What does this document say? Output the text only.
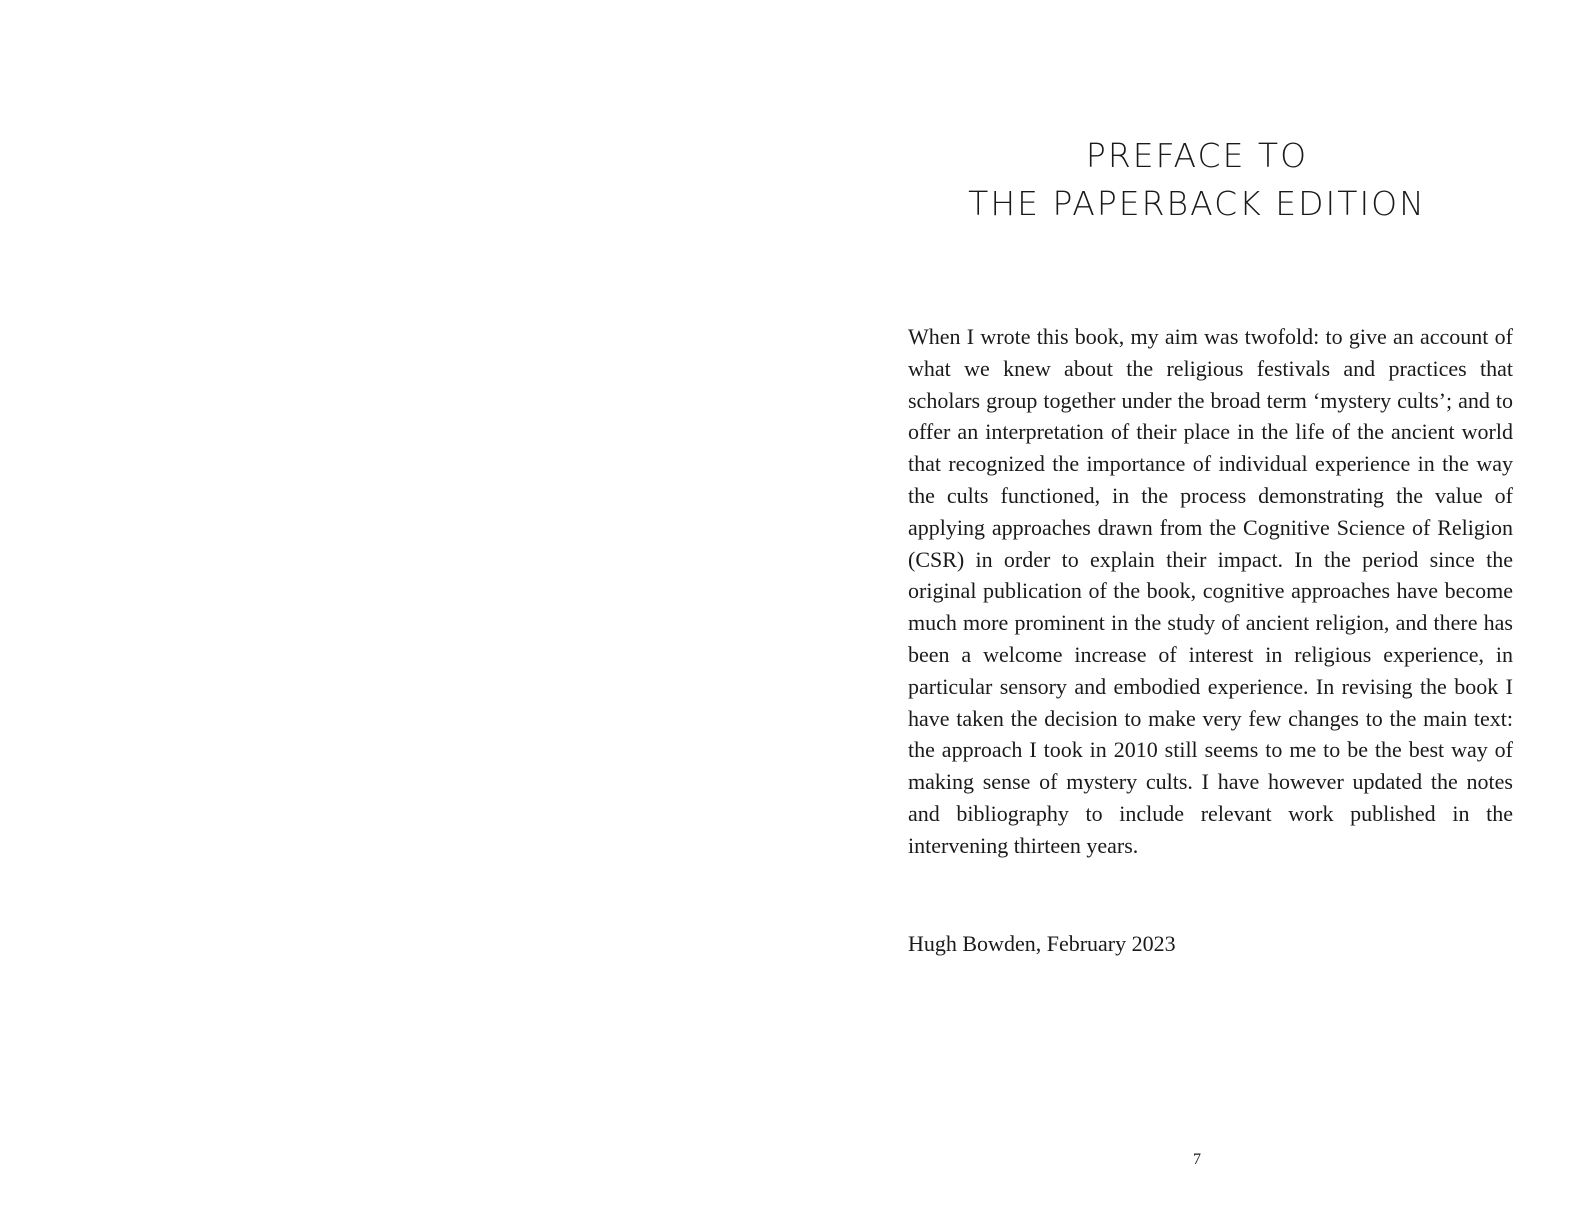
PREFACE TO
THE PAPERBACK EDITION

When I wrote this book, my aim was twofold: to give an account of what we knew about the religious festivals and practices that scholars group together under the broad term ‘mystery cults’; and to offer an interpretation of their place in the life of the ancient world that recognized the importance of individual experience in the way the cults functioned, in the process demonstrating the value of applying approaches drawn from the Cognitive Science of Religion (CSR) in order to explain their impact. In the period since the original publication of the book, cognitive approaches have become much more prominent in the study of ancient religion, and there has been a welcome increase of interest in religious experience, in particular sensory and embodied experience. In revising the book I have taken the decision to make very few changes to the main text: the approach I took in 2010 still seems to me to be the best way of making sense of mystery cults. I have however updated the notes and bibliography to include relevant work published in the intervening thirteen years.

Hugh Bowden, February 2023

7
